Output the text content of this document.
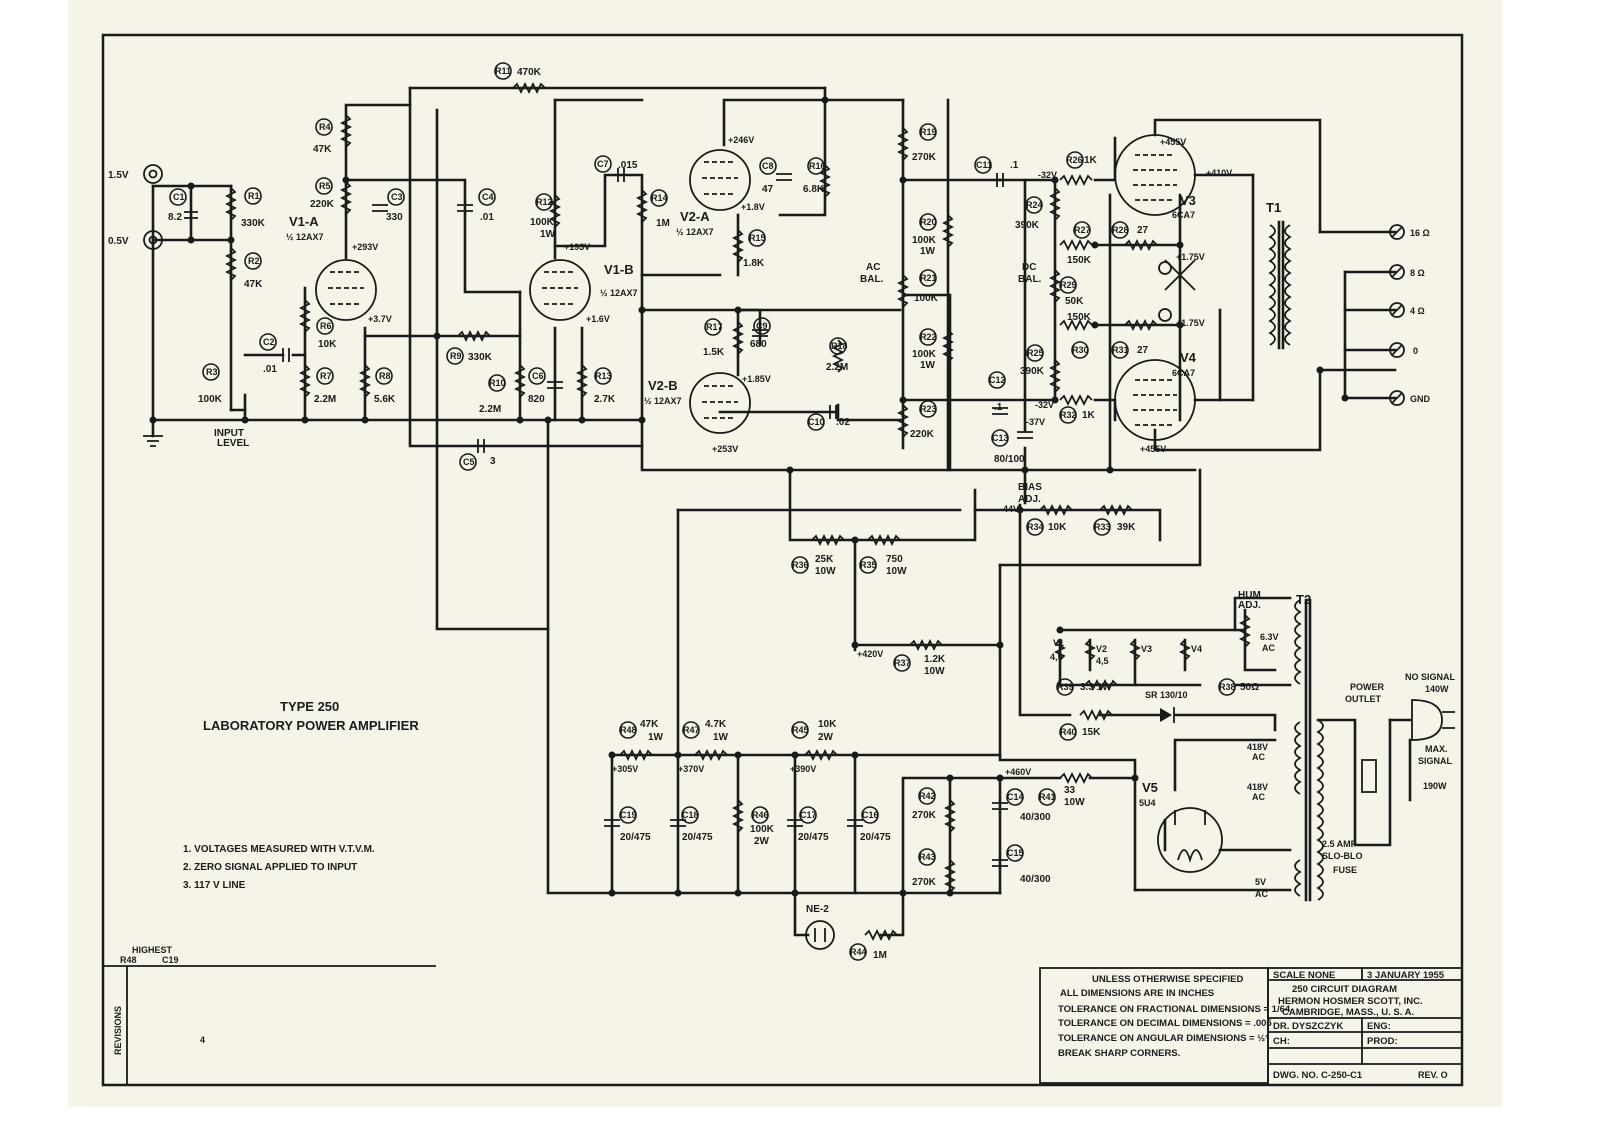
1.5V
0.5V
INPUT
LEVEL
C1
8.2
R1
330K
R2
47K
R3
100K
C2
.01
R4
47K
R5
220K
C3
330
C4
.01
R6
10K
R7
2.2M
R8
5.6K
R9 330K
R10
2.2M
C6
820
R13
2.7K
R11 470K
R12
100K
1W
C5 3
C7 .015
R14
1M
C8
47
R16
6.8K
R15
1.8K
R17
1.5K
C9
680	R18
2.2M
C10 .02
R19
270K
R20
100K
1W
R21
100K
R22
100K
1W
R23
220K
C11 .1	R26 1K
R24
390K	R27
150K
R28 27
R29
50K
150K
R25
390K
R30	R31 27
R32 1K
C12
.1
C13
80/100
R34 10K	R33 39K
R36 25K
10W
R35 750
10W
R37 1.2K
10W
R39 3.3 1W	R38 50Ω
R40 15K
R41
33
10W
R42
270K
R43
270K
C14
40/300
C15
40/300
R48 47K
1W
R47 4.7K
1W
R45 10K
2W
C19
20/475
C18
20/475
R46
100K
2W
C17
20/475
C16
20/475
R44 1M
V1-A
½ 12AX7
V1-B
½ 12AX7
V2-A
½ 12AX7
V2-B
½ 12AX7
V3
6CA7
V4
6CA7
V5
5U4
+293V
+3.7V
+193V
+1.6V
+246V
+1.8V
+1.85V
+253V
+455V
+410V
-32V
+1.75V
+1.75V
-32V
+455V
-37V
-44V
+305V	+370V	+390V
+420V
+460V
AC
BAL.
DC
BAL.
BIAS
ADJ.
HUM
ADJ.
T1
T2
6.3V
AC
NE-2
SR 130/10
418V
AC
418V
AC
5V
AC
POWER
OUTLET
NO SIGNAL
140W
MAX.
SIGNAL
190W
2.5 AMP
SLO-BLO
FUSE
16 Ω
8 Ω
4 Ω
0
GND
V1
4,5
V2
4,5
V3	V4
TYPE 250
LABORATORY POWER AMPLIFIER
1. VOLTAGES MEASURED WITH V.T.V.M.
2. ZERO SIGNAL APPLIED TO INPUT
3. 117 V LINE
REVISIONS
HIGHEST
R48	C19
4
UNLESS OTHERWISE SPECIFIED
ALL DIMENSIONS ARE IN INCHES
TOLERANCE ON FRACTIONAL DIMENSIONS = 1/64
TOLERANCE ON DECIMAL DIMENSIONS = .005
TOLERANCE ON ANGULAR DIMENSIONS = ½°
BREAK SHARP CORNERS.
SCALE NONE	3 JANUARY 1955
250 CIRCUIT DIAGRAM
HERMON HOSMER SCOTT, INC.
CAMBRIDGE, MASS., U. S. A.
DR. DYSZCZYK	ENG:
CH:	PROD:
DWG. NO. C-250-C1	REV. O
